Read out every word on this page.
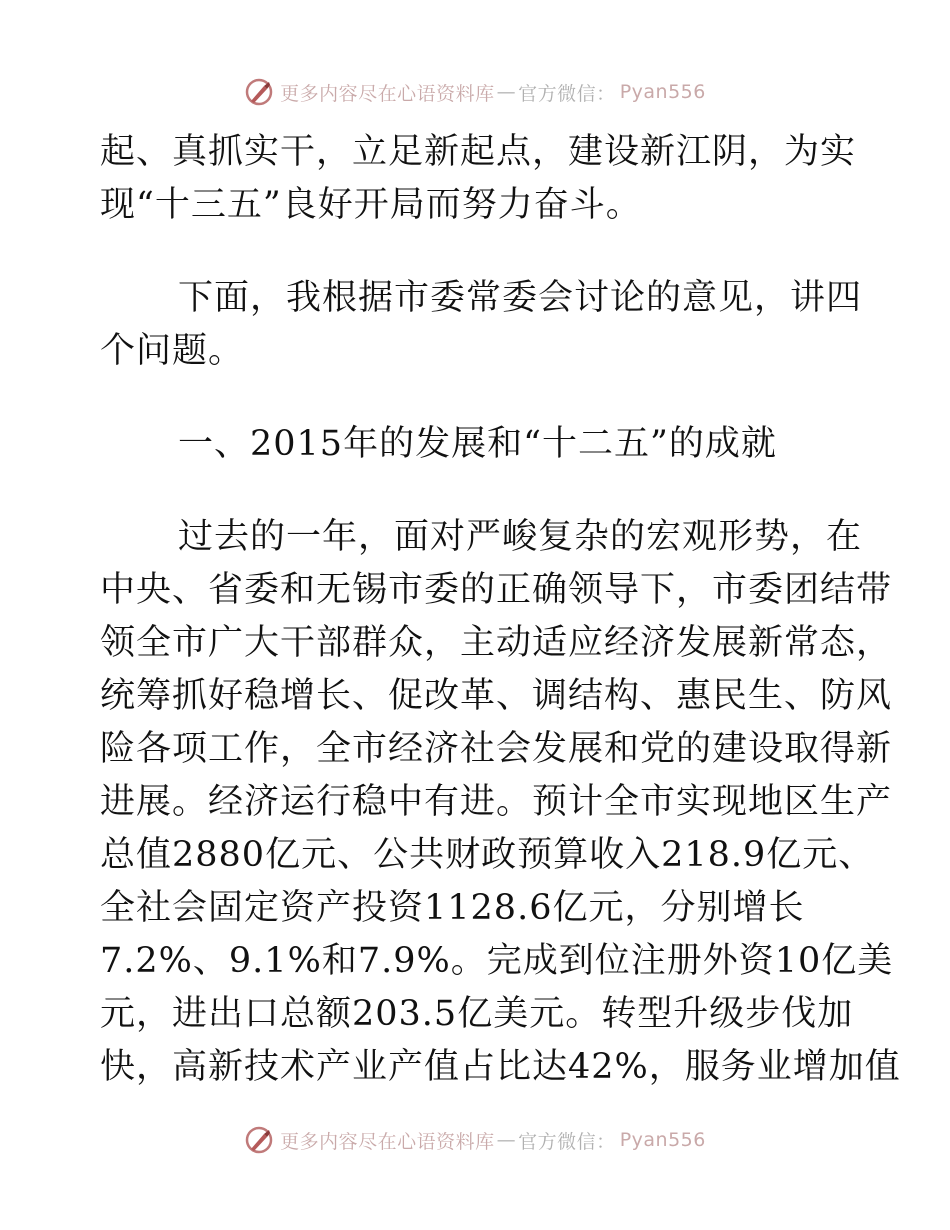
更多内容尽在心语资料库 — 官方微信： Pyan556
起、真抓实干，立足新起点，建设新江阴，为实
现“十三五”良好开局而努力奋斗。
下面，我根据市委常委会讨论的意见，讲四
个问题。
一、2015年的发展和“十二五”的成就
过去的一年，面对严峻复杂的宏观形势，在
中央、省委和无锡市委的正确领导下，市委团结带
领全市广大干部群众，主动适应经济发展新常态，
统筹抓好稳增长、促改革、调结构、惠民生、防风
险各项工作，全市经济社会发展和党的建设取得新
进展。经济运行稳中有进。预计全市实现地区生产
总值2880亿元、公共财政预算收入218.9亿元、
全社会固定资产投资1128.6亿元，分别增长
7.2%、9.1%和7.9%。完成到位注册外资10亿美
元，进出口总额203.5亿美元。转型升级步伐加
快，高新技术产业产值占比达42%，服务业增加值
更多内容尽在心语资料库 — 官方微信： Pyan556
